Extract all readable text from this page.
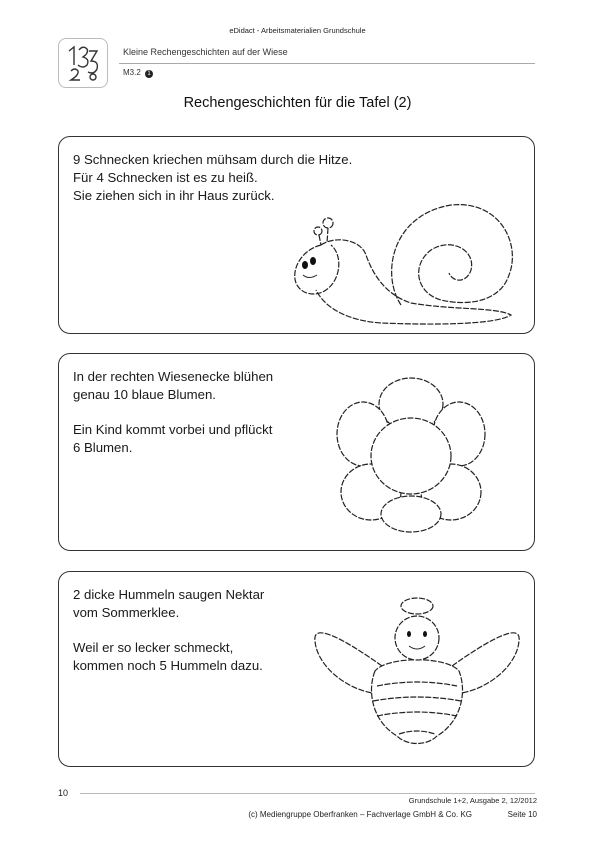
eDidact - Arbeitsmaterialien Grundschule
Kleine Rechengeschichten auf der Wiese
M3.2 1
Rechengeschichten für die Tafel (2)

9 Schnecken kriechen mühsam durch die Hitze.

Für 4 Schnecken ist es zu heiß.

Sie ziehen sich in ihr Haus zurück.

In der rechten Wiesenecke blühen

genau 10 blaue Blumen.

Ein Kind kommt vorbei und pflückt

6 Blumen.

2 dicke Hummeln saugen Nektar

vom Sommerklee.

Weil er so lecker schmeckt,

kommen noch 5 Hummeln dazu.

10
Grundschule 1+2, Ausgabe 2, 12/2012
(c) Mediengruppe Oberfranken – Fachverlage GmbH & Co. KG	Seite 10
